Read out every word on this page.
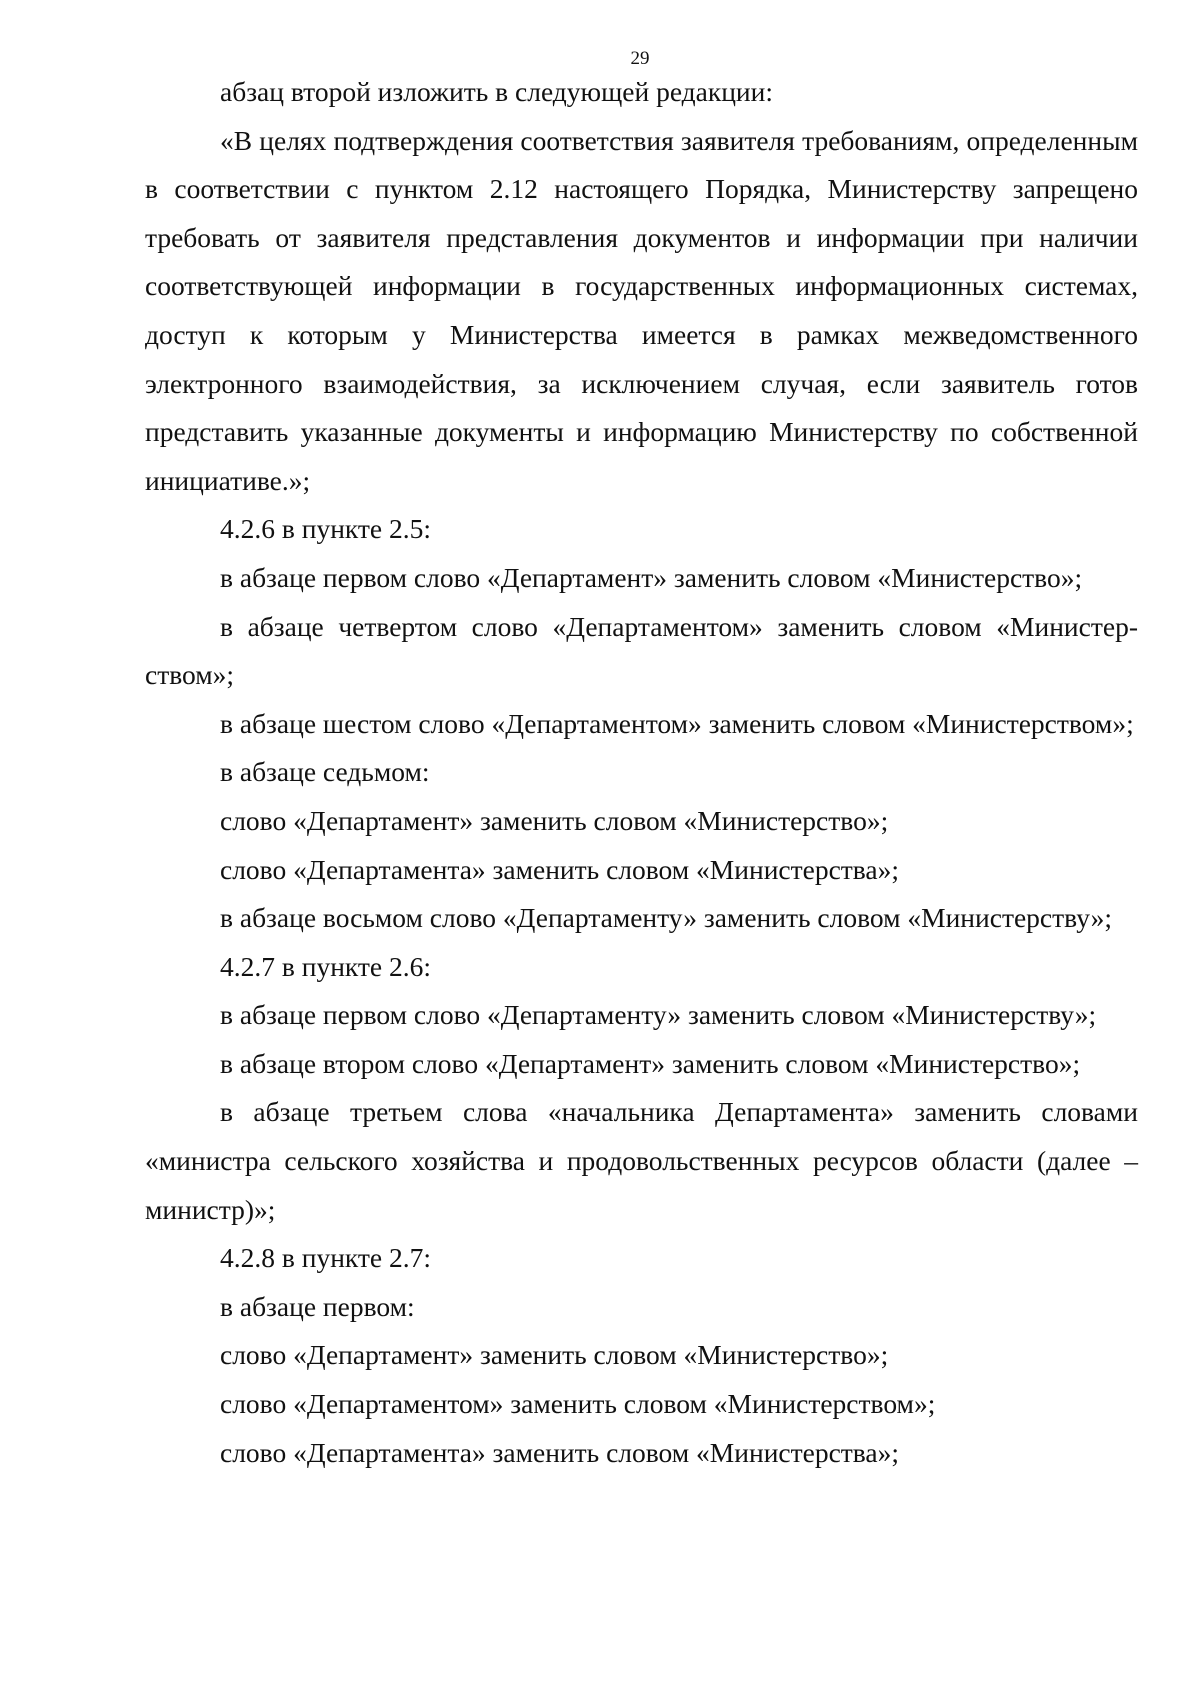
29

абзац второй изложить в следующей редакции:

«В целях подтверждения соответствия заявителя требованиям, определенным в соответствии с пунктом 2.12 настоящего Порядка, Министерству запрещено требовать от заявителя представления документов и информации при наличии соответствующей информации в государственных информационных системах, доступ к которым у Министерства имеется в рамках межведомственного электронного взаимодействия, за исключением случая, если заявитель готов представить указанные документы и информацию Министерству по собственной инициативе.»;

4.2.6 в пункте 2.5:

в абзаце первом слово «Департамент» заменить словом «Министерство»;

в абзаце четвертом слово «Департаментом» заменить словом «Министерством»;

в абзаце шестом слово «Департаментом» заменить словом «Министерством»;

в абзаце седьмом:

слово «Департамент» заменить словом «Министерство»;

слово «Департамента» заменить словом «Министерства»;

в абзаце восьмом слово «Департаменту» заменить словом «Министерству»;

4.2.7 в пункте 2.6:

в абзаце первом слово «Департаменту» заменить словом «Министерству»;

в абзаце втором слово «Департамент» заменить словом «Министерство»;

в абзаце третьем слова «начальника Департамента» заменить словами «министра сельского хозяйства и продовольственных ресурсов области (далее – министр)»;

4.2.8 в пункте 2.7:

в абзаце первом:

слово «Департамент» заменить словом «Министерство»;

слово «Департаментом» заменить словом «Министерством»;

слово «Департамента» заменить словом «Министерства»;
